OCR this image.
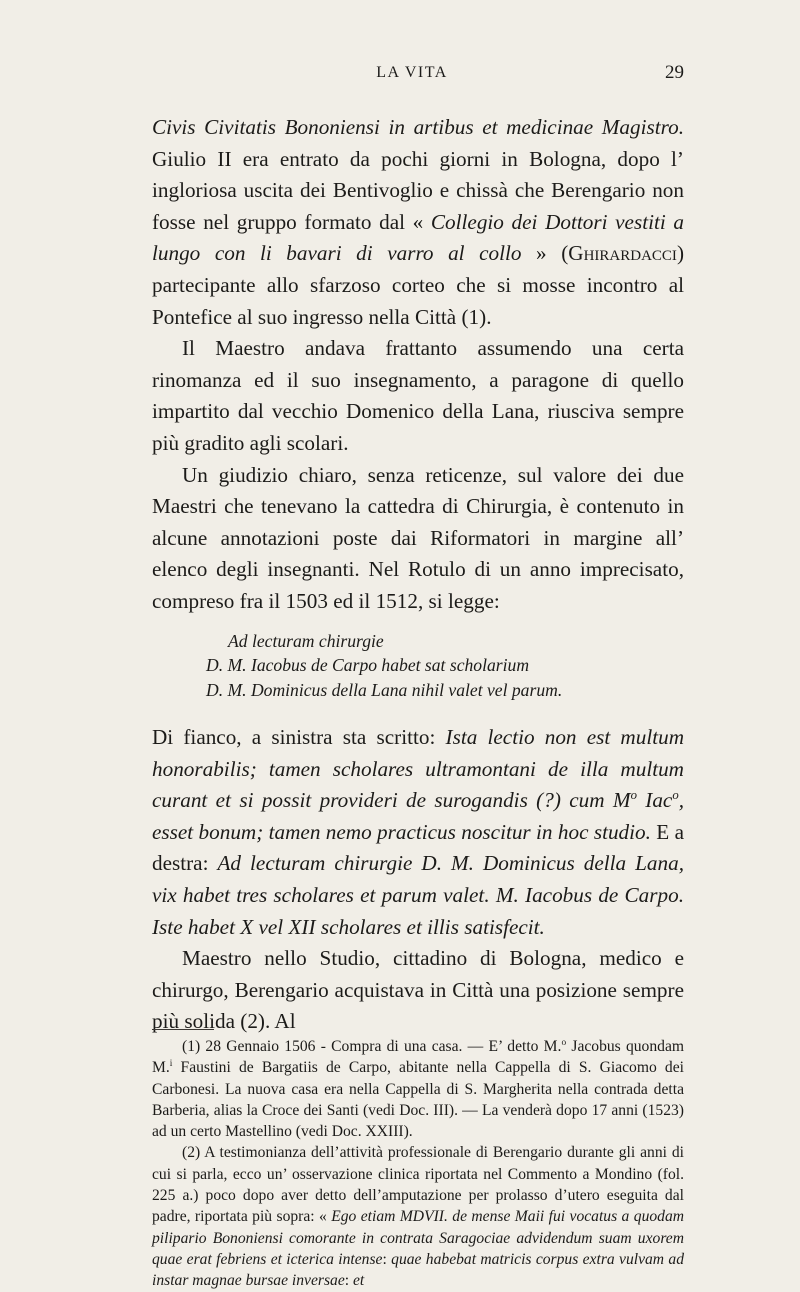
LA VITA	29

Civis Civitatis Bononiensi in artibus et medicinae Magistro. Giulio II era entrato da pochi giorni in Bologna, dopo l’ ingloriosa uscita dei Bentivoglio e chissà che Berengario non fosse nel gruppo formato dal « Collegio dei Dottori vestiti a lungo con li bavari di varro al collo » (Ghirardacci) partecipante allo sfarzoso corteo che si mosse incontro al Pontefice al suo ingresso nella Città (1).

Il Maestro andava frattanto assumendo una certa rinomanza ed il suo insegnamento, a paragone di quello impartito dal vecchio Domenico della Lana, riusciva sempre più gradito agli scolari.

Un giudizio chiaro, senza reticenze, sul valore dei due Maestri che tenevano la cattedra di Chirurgia, è contenuto in alcune annotazioni poste dai Riformatori in margine all’ elenco degli insegnanti. Nel Rotulo di un anno imprecisato, compreso fra il 1503 ed il 1512, si legge:

Ad lecturam chirurgie
D. M. Iacobus de Carpo habet sat scholarium
D. M. Dominicus della Lana nihil valet vel parum.

Di fianco, a sinistra sta scritto: Ista lectio non est multum honorabilis; tamen scholares ultramontani de illa multum curant et si possit provideri de surogandis (?) cum $M^o$ Iac$^o$, esset bonum; tamen nemo practicus noscitur in hoc studio. E a destra: Ad lecturam chirurgie D. M. Dominicus della Lana, vix habet tres scholares et parum valet. M. Iacobus de Carpo. Iste habet X vel XII scholares et illis satisfecit.

Maestro nello Studio, cittadino di Bologna, medico e chirurgo, Berengario acquistava in Città una posizione sempre più solida (2). Al

(1) 28 Gennaio 1506 - Compra di una casa. — E’ detto M.$^o$ Jacobus quondam M.$^i$ Faustini de Bargatiis de Carpo, abitante nella Cappella di S. Giacomo dei Carbonesi. La nuova casa era nella Cappella di S. Margherita nella contrada detta Barberia, alias la Croce dei Santi (vedi Doc. III). — La venderà dopo 17 anni (1523) ad un certo Mastellino (vedi Doc. XXIII).

(2) A testimonianza dell’attività professionale di Berengario durante gli anni di cui si parla, ecco un’ osservazione clinica riportata nel Commento a Mondino (fol. 225 a.) poco dopo aver detto dell’amputazione per prolasso d’utero eseguita dal padre, riportata più sopra: « Ego etiam MDVII. de mense Maii fui vocatus a quodam pilipario Bononiensi comorante in contrata Saragociae advidendum suam uxorem quae erat febriens et icterica intense: quae habebat matricis corpus extra vulvam ad instar magnae bursae inversae: et
